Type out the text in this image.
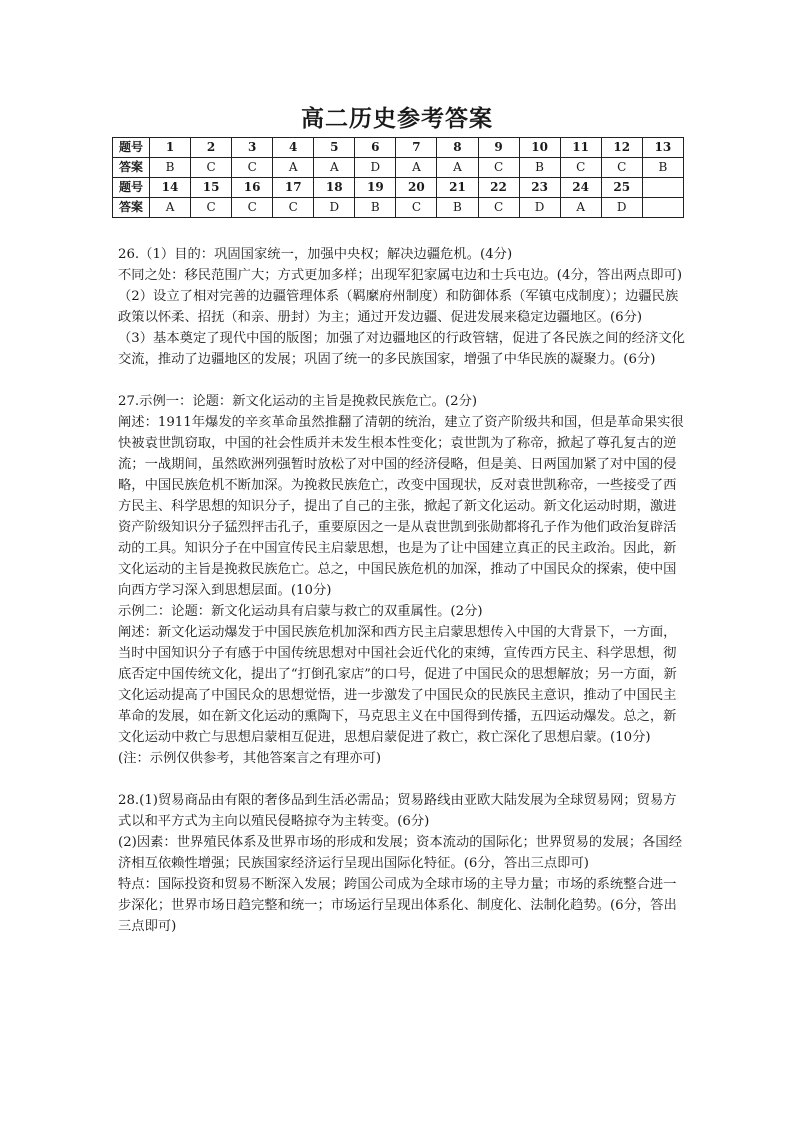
高二历史参考答案
题号	1	2	3	4	5	6	7	8	9	10	11	12	13
答案	B	C	C	A	A	D	A	A	C	B	C	C	B
题号	14	15	16	17	18	19	20	21	22	23	24	25	
答案	A	C	C	C	D	B	C	B	C	D	A	D	

26.（1）目的：巩固国家统一，加强中央权；解决边疆危机。(4分)

不同之处：移民范围广大；方式更加多样；出现军犯家属屯边和士兵屯边。(4分，答出两点即可)

（2）设立了相对完善的边疆管理体系（羁縻府州制度）和防御体系（军镇屯戍制度）；边疆民族政策以怀柔、招抚（和亲、册封）为主；通过开发边疆、促进发展来稳定边疆地区。(6分)

（3）基本奠定了现代中国的版图；加强了对边疆地区的行政管辖，促进了各民族之间的经济文化交流，推动了边疆地区的发展；巩固了统一的多民族国家，增强了中华民族的凝聚力。(6分)

27.示例一：论题：新文化运动的主旨是挽救民族危亡。(2分)

阐述：1911年爆发的辛亥革命虽然推翻了清朝的统治，建立了资产阶级共和国，但是革命果实很快被袁世凯窃取，中国的社会性质并未发生根本性变化；袁世凯为了称帝，掀起了尊孔复古的逆流；一战期间，虽然欧洲列强暂时放松了对中国的经济侵略，但是美、日两国加紧了对中国的侵略，中国民族危机不断加深。为挽救民族危亡，改变中国现状，反对袁世凯称帝，一些接受了西方民主、科学思想的知识分子，提出了自己的主张，掀起了新文化运动。新文化运动时期，激进资产阶级知识分子猛烈抨击孔子，重要原因之一是从袁世凯到张勋都将孔子作为他们政治复辟活动的工具。知识分子在中国宣传民主启蒙思想，也是为了让中国建立真正的民主政治。因此，新文化运动的主旨是挽救民族危亡。总之，中国民族危机的加深，推动了中国民众的探索，使中国向西方学习深入到思想层面。(10分)

示例二：论题：新文化运动具有启蒙与救亡的双重属性。(2分)

阐述：新文化运动爆发于中国民族危机加深和西方民主启蒙思想传入中国的大背景下，一方面，当时中国知识分子有感于中国传统思想对中国社会近代化的束缚，宣传西方民主、科学思想，彻底否定中国传统文化，提出了“打倒孔家店”的口号，促进了中国民众的思想解放；另一方面，新文化运动提高了中国民众的思想觉悟，进一步激发了中国民众的民族民主意识，推动了中国民主革命的发展，如在新文化运动的熏陶下，马克思主义在中国得到传播，五四运动爆发。总之，新文化运动中救亡与思想启蒙相互促进，思想启蒙促进了救亡，救亡深化了思想启蒙。(10分)

(注：示例仅供参考，其他答案言之有理亦可)

28.(1)贸易商品由有限的奢侈品到生活必需品；贸易路线由亚欧大陆发展为全球贸易网；贸易方式以和平方式为主向以殖民侵略掠夺为主转变。(6分)

(2)因素：世界殖民体系及世界市场的形成和发展；资本流动的国际化；世界贸易的发展；各国经济相互依赖性增强；民族国家经济运行呈现出国际化特征。(6分，答出三点即可)

特点：国际投资和贸易不断深入发展；跨国公司成为全球市场的主导力量；市场的系统整合进一步深化；世界市场日趋完整和统一；市场运行呈现出体系化、制度化、法制化趋势。(6分，答出三点即可)
